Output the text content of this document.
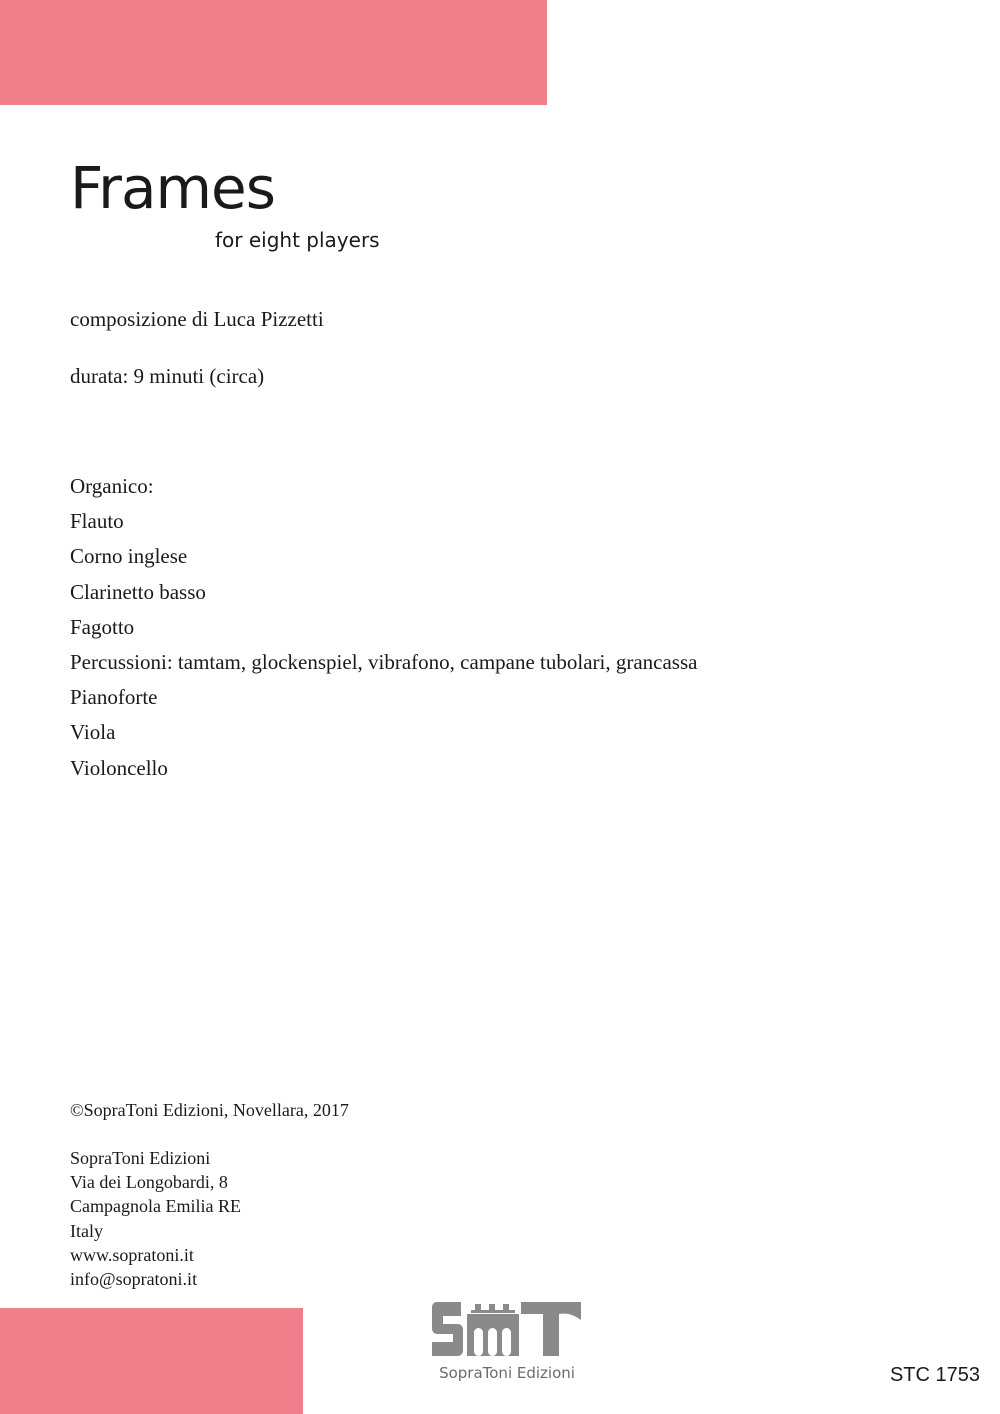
Frames
for eight players
composizione di Luca Pizzetti
durata: 9 minuti (circa)
Organico:
Flauto
Corno inglese
Clarinetto basso
Fagotto
Percussioni: tamtam, glockenspiel, vibrafono, campane tubolari, grancassa
Pianoforte
Viola
Violoncello
©SopraToni Edizioni, Novellara, 2017
SopraToni Edizioni
Via dei Longobardi, 8
Campagnola Emilia RE
Italy
www.sopratoni.it
info@sopratoni.it
SopraToni Edizioni	STC 1753
